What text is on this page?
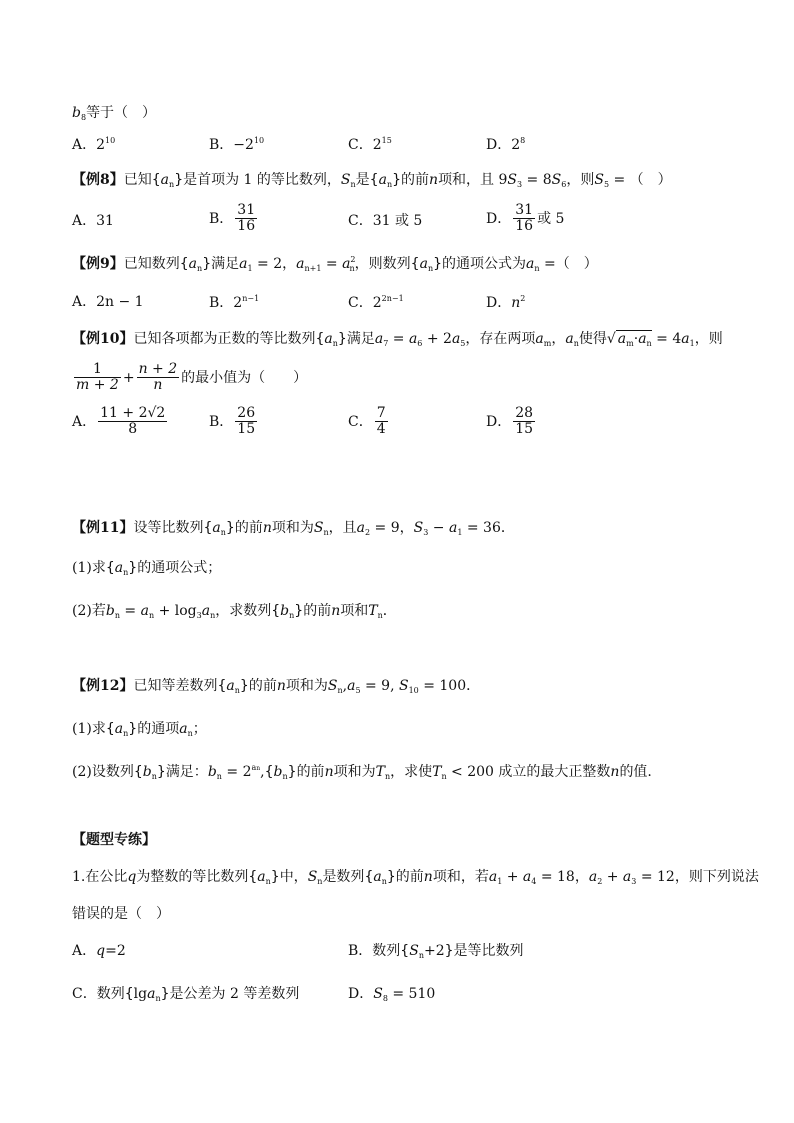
$b_8$等于（　）
A．$2^{10}$	B．$-2^{10}$	C．$2^{15}$	D．$2^8$
【例8】已知$\{a_n\}$是首项为 1 的等比数列，$S_n$是$\{a_n\}$的前n项和，且 $9S_3 = 8S_6$，则$S_5$ = （　）
A．31	B． $\frac{31}{16}$	C．31 或 5	D． $\frac{31}{16}$ 或 5
【例9】已知数列$\{a_n\}$满足$a_1 = 2$，$a_{n+1} = a^2_n$，则数列$\{a_n\}$的通项公式为$a_n$ =（　）
A．2n − 1	B．$2^{n-1}$	C．$2^{2n-1}$	D．$n^2$
【例10】已知各项都为正数的等比数列$\{a_n\}$满足$a_7 = a_6 + 2a_5$，存在两项$a_m$，$a_n$使得√ $a_m\cdot a_n = 4a_1$，则
$\frac{1}{m + 2} + \frac{n + 2}{n}$ 的最小值为（　　）
A． $\frac{11 + 2√2}{8}$	B． $\frac{26}{15}$	C． $\frac{7}{4}$	D． $\frac{28}{15}$
【例11】设等比数列$\{a_n\}$的前n项和为$S_n$，且$a_2 = 9$，$S_3 - a_1 = 36$．
(1)求$\{a_n\}$的通项公式；
(2)若$b_n = a_n + \log_3a_n$，求数列$\{b_n\}$的前n项和$T_n$．
【例12】已知等差数列$\{a_n\}$的前n项和为$S_n,a_5 = 9$, $S_{10} = 100$．
(1)求$\{a_n\}$的通项$a_n$；
(2)设数列$\{b_n\}$满足：$b_n = 2^{an},\{b_n\}$的前n项和为$T_n$，求使$T_n < 200$ 成立的最大正整数n的值.
【题型专练】
1.在公比q为整数的等比数列$\{a_n\}$中，$S_n$是数列$\{a_n\}$的前n项和，若$a_1 + a_4 = 18$，$a_2 + a_3 = 12$，则下列说法
错误的是（　）
A．q=2	B．数列$\{S_n+2\}$是等比数列
C．数列{lga$_n$}是公差为 2 等差数列	D．$S_8 = 510$
